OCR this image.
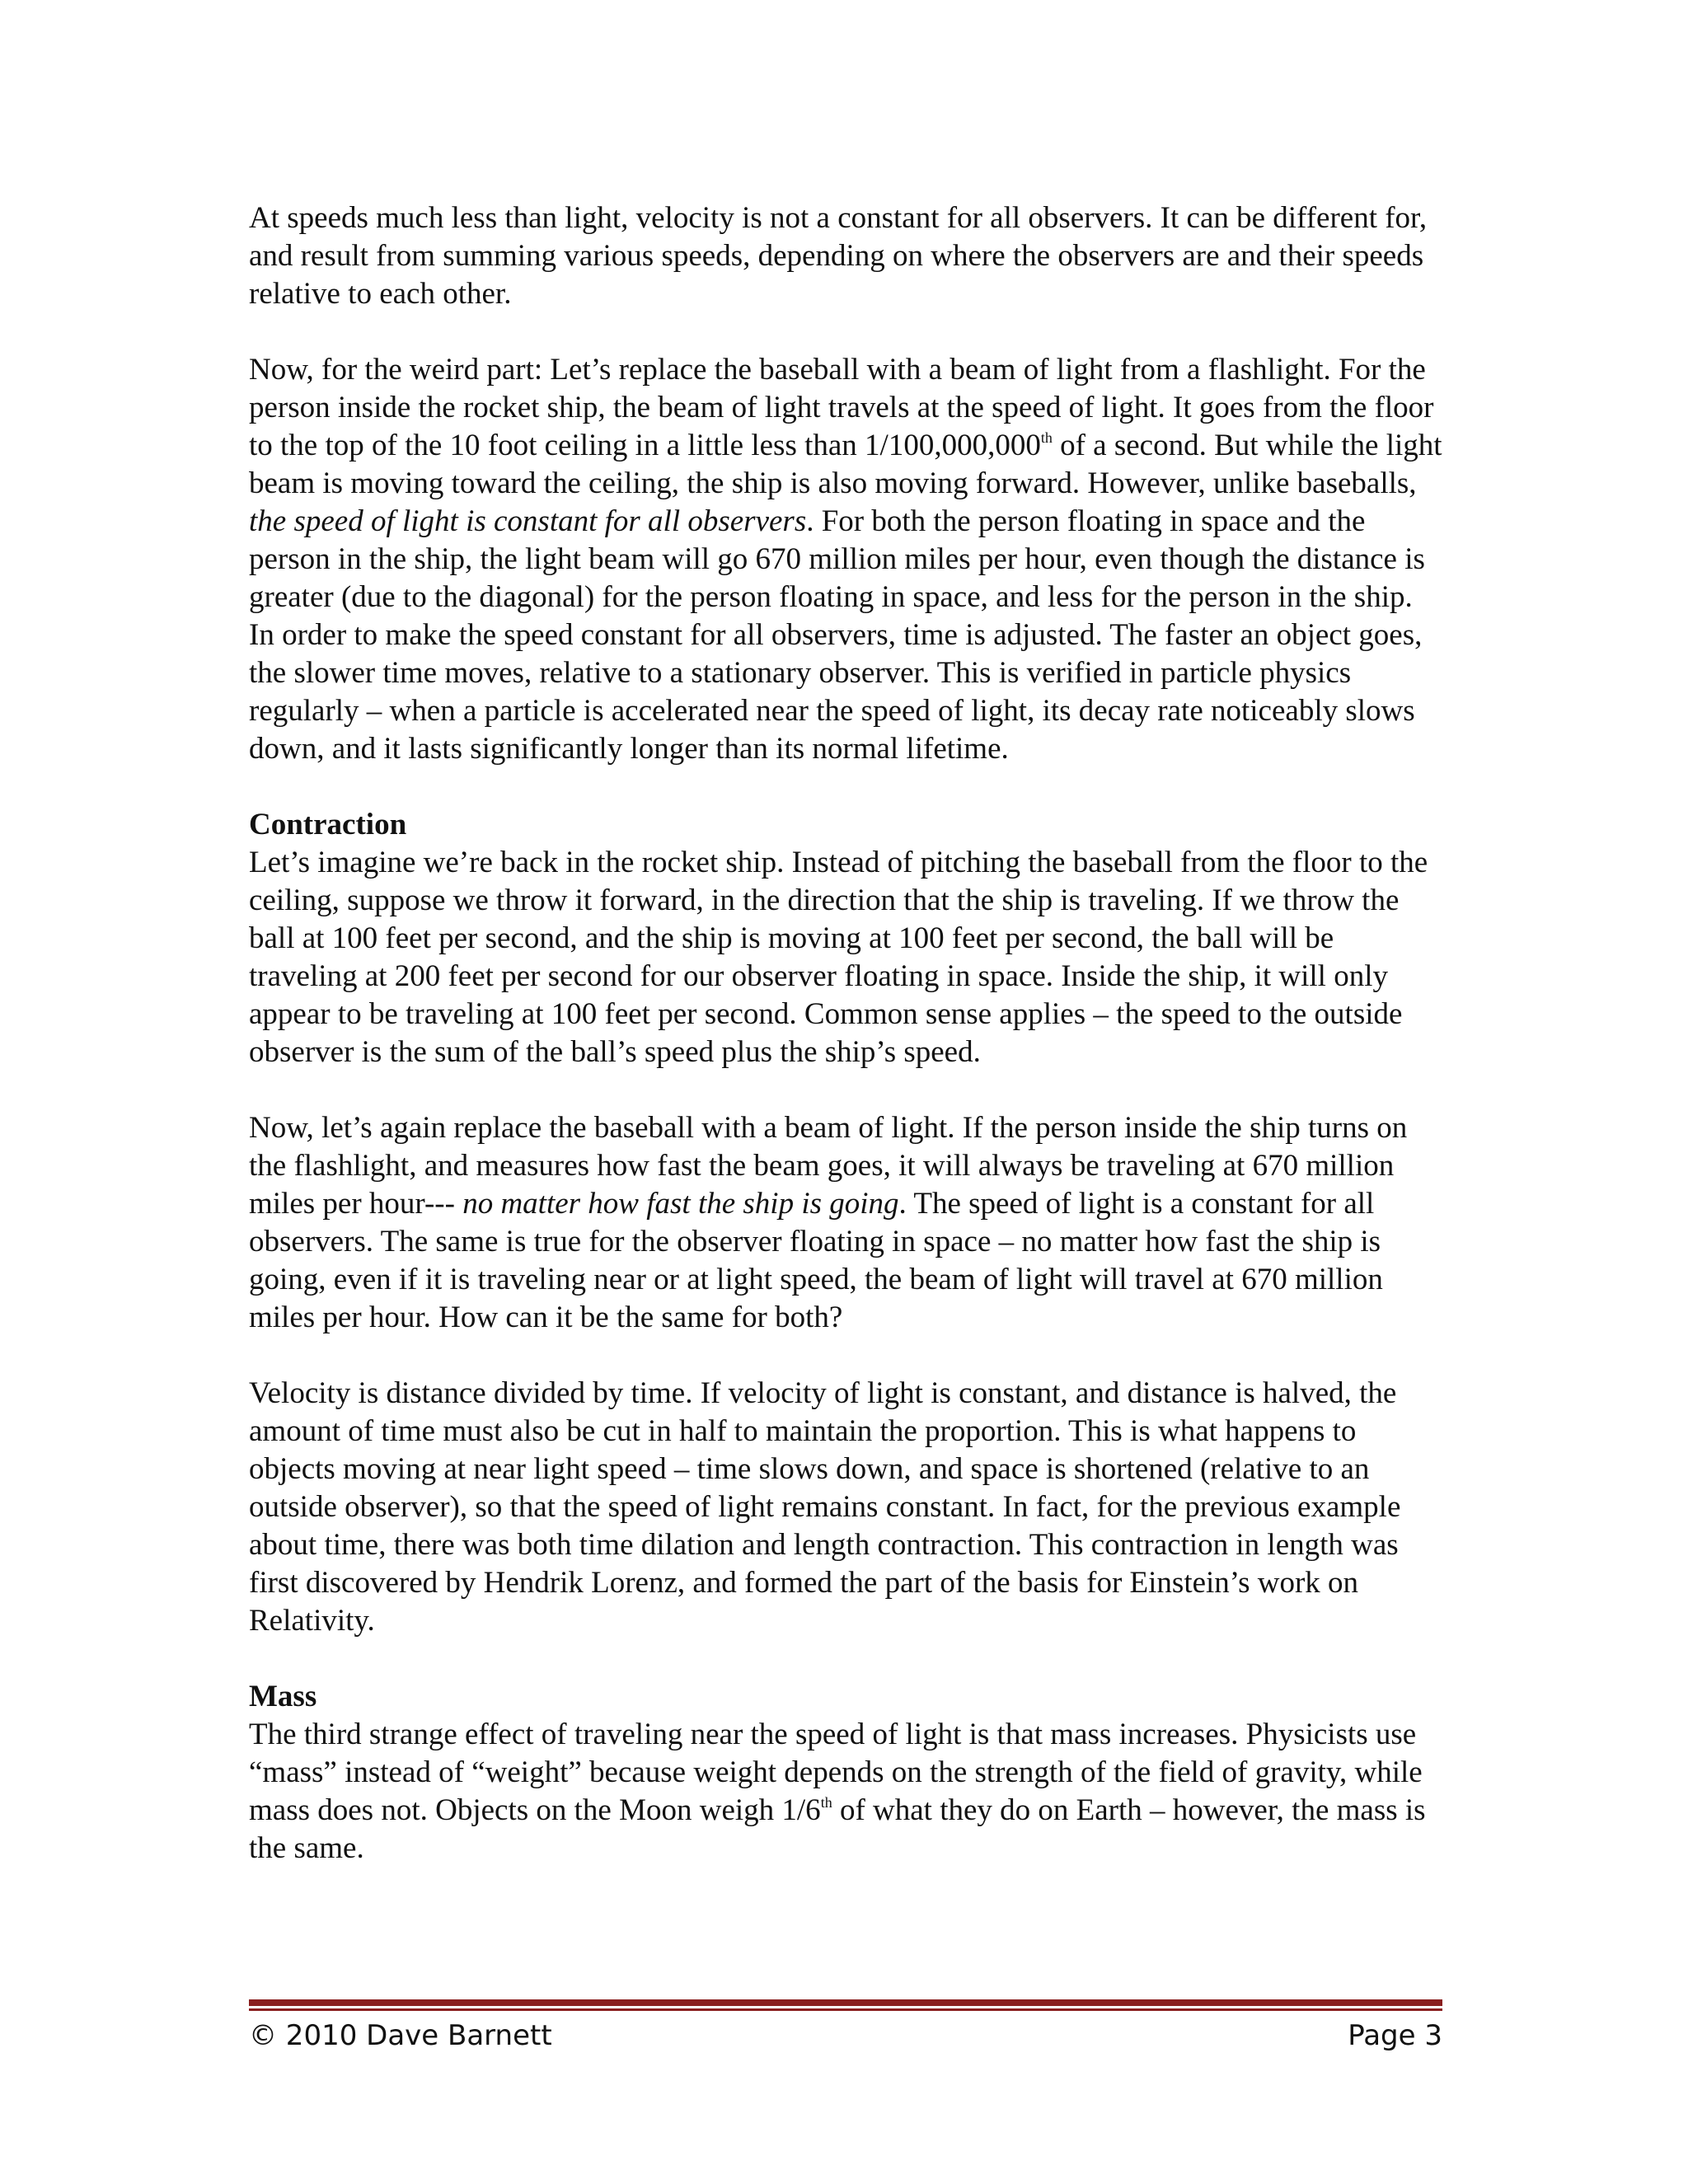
At speeds much less than light, velocity is not a constant for all observers. It can be different for, and result from summing various speeds, depending on where the observers are and their speeds relative to each other.

Now, for the weird part: Let’s replace the baseball with a beam of light from a flashlight. For the person inside the rocket ship, the beam of light travels at the speed of light. It goes from the floor to the top of the 10 foot ceiling in a little less than 1/100,000,000th of a second. But while the light beam is moving toward the ceiling, the ship is also moving forward. However, unlike baseballs, the speed of light is constant for all observers. For both the person floating in space and the person in the ship, the light beam will go 670 million miles per hour, even though the distance is greater (due to the diagonal) for the person floating in space, and less for the person in the ship. In order to make the speed constant for all observers, time is adjusted. The faster an object goes, the slower time moves, relative to a stationary observer. This is verified in particle physics regularly – when a particle is accelerated near the speed of light, its decay rate noticeably slows down, and it lasts significantly longer than its normal lifetime.

Contraction

Let’s imagine we’re back in the rocket ship. Instead of pitching the baseball from the floor to the ceiling, suppose we throw it forward, in the direction that the ship is traveling. If we throw the ball at 100 feet per second, and the ship is moving at 100 feet per second, the ball will be traveling at 200 feet per second for our observer floating in space. Inside the ship, it will only appear to be traveling at 100 feet per second. Common sense applies – the speed to the outside observer is the sum of the ball’s speed plus the ship’s speed.

Now, let’s again replace the baseball with a beam of light. If the person inside the ship turns on the flashlight, and measures how fast the beam goes, it will always be traveling at 670 million miles per hour--- no matter how fast the ship is going. The speed of light is a constant for all observers. The same is true for the observer floating in space – no matter how fast the ship is going, even if it is traveling near or at light speed, the beam of light will travel at 670 million miles per hour. How can it be the same for both?

Velocity is distance divided by time. If velocity of light is constant, and distance is halved, the amount of time must also be cut in half to maintain the proportion. This is what happens to objects moving at near light speed – time slows down, and space is shortened (relative to an outside observer), so that the speed of light remains constant. In fact, for the previous example about time, there was both time dilation and length contraction. This contraction in length was first discovered by Hendrik Lorenz, and formed the part of the basis for Einstein’s work on Relativity.

Mass

The third strange effect of traveling near the speed of light is that mass increases. Physicists use “mass” instead of “weight” because weight depends on the strength of the field of gravity, while mass does not. Objects on the Moon weigh 1/6th of what they do on Earth – however, the mass is the same.

© 2010 Dave Barnett	Page 3
